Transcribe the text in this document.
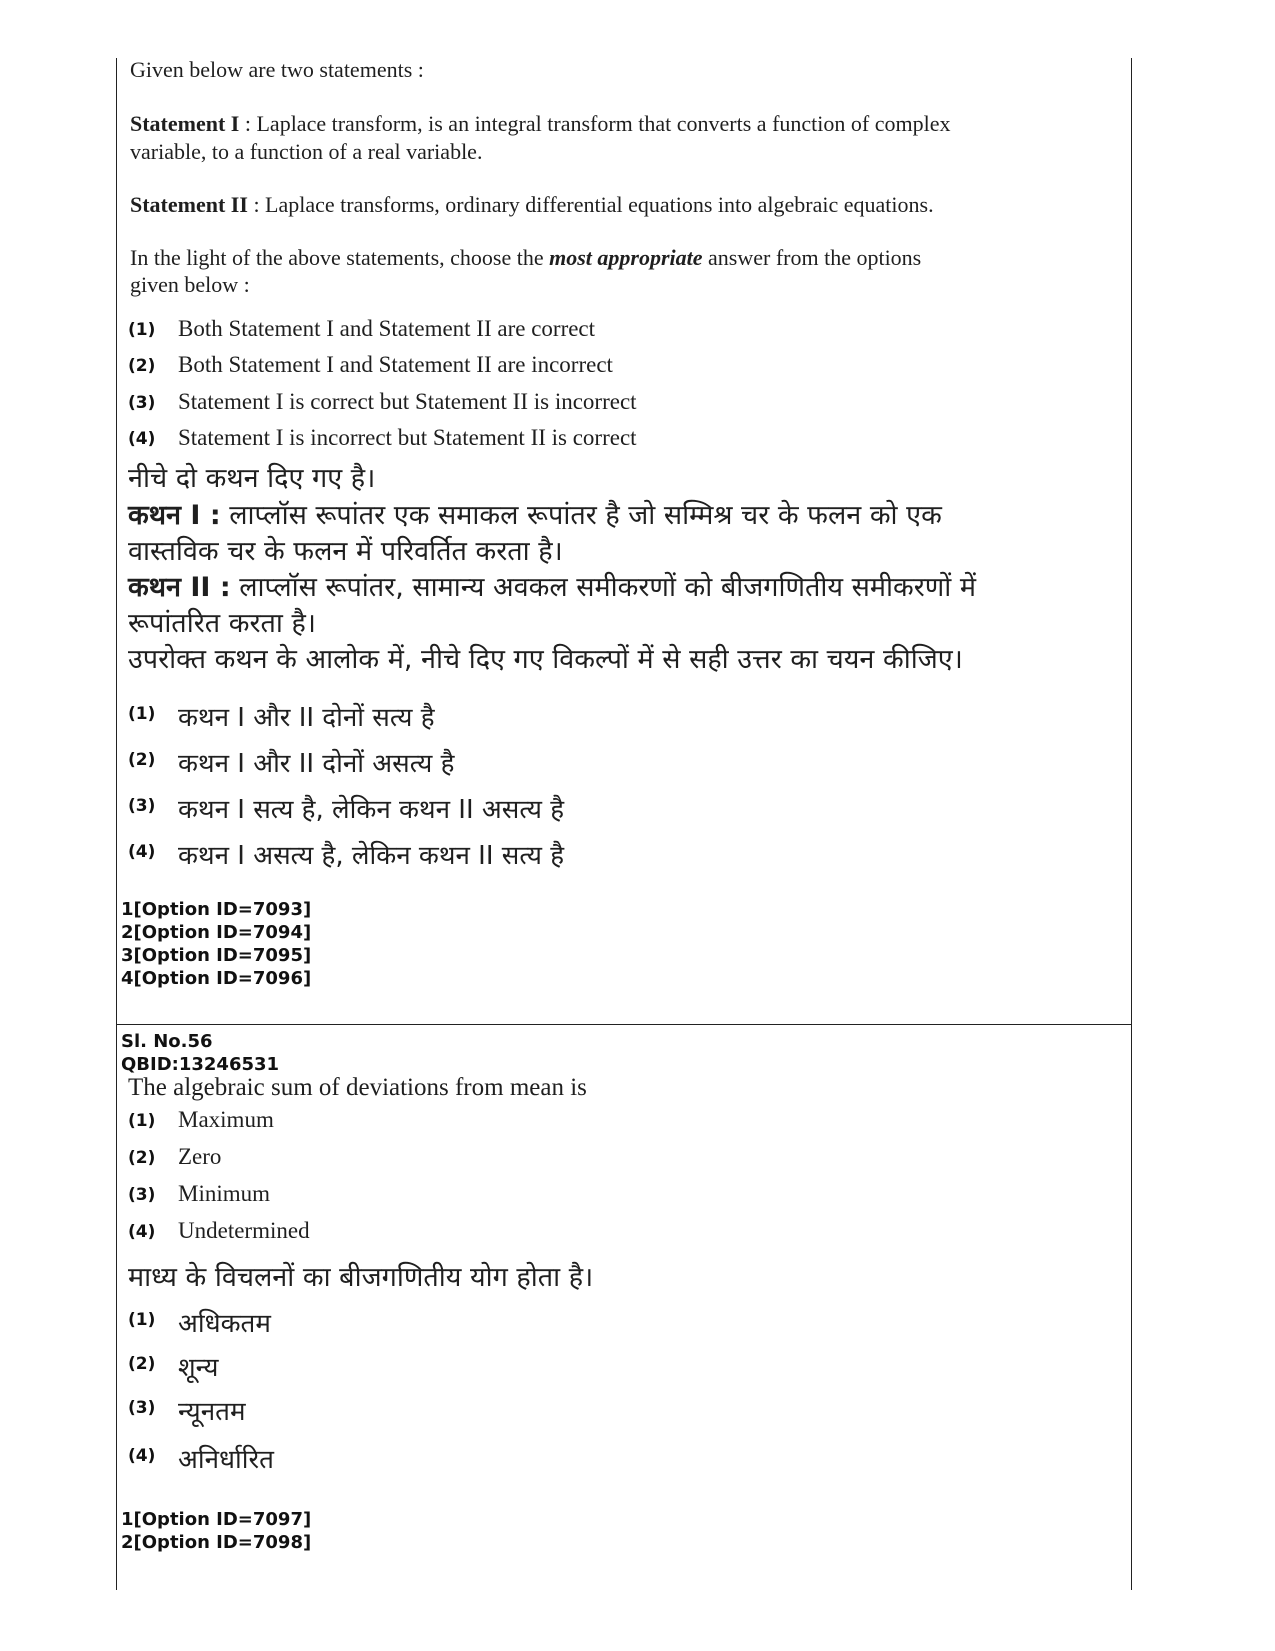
Given below are two statements :
Statement I : Laplace transform, is an integral transform that converts a function of complex
variable, to a function of a real variable.
Statement II : Laplace transforms, ordinary differential equations into algebraic equations.
In the light of the above statements, choose the most appropriate answer from the options
given below :
(1) Both Statement I and Statement II are correct
(2) Both Statement I and Statement II are incorrect
(3) Statement I is correct but Statement II is incorrect
(4) Statement I is incorrect but Statement II is correct
नीचे दो कथन दिए गए है।
कथन I : लाप्लॉस रूपांतर एक समाकल रूपांतर है जो सम्मिश्र चर के फलन को एक
वास्तविक चर के फलन में परिवर्तित करता है।
कथन II : लाप्लॉस रूपांतर, सामान्य अवकल समीकरणों को बीजगणितीय समीकरणों में
रूपांतरित करता है।
उपरोक्त कथन के आलोक में, नीचे दिए गए विकल्पों में से सही उत्तर का चयन कीजिए।
(1) कथन I और II दोनों सत्य है
(2) कथन I और II दोनों असत्य है
(3) कथन I सत्य है, लेकिन कथन II असत्य है
(4) कथन I असत्य है, लेकिन कथन II सत्य है
1[Option ID=7093]
2[Option ID=7094]
3[Option ID=7095]
4[Option ID=7096]
Sl. No.56
QBID:13246531
The algebraic sum of deviations from mean is
(1) Maximum
(2) Zero
(3) Minimum
(4) Undetermined
माध्य के विचलनों का बीजगणितीय योग होता है।
(1) अधिकतम
(2) शून्य
(3) न्यूनतम
(4) अनिर्धारित
1[Option ID=7097]
2[Option ID=7098]
